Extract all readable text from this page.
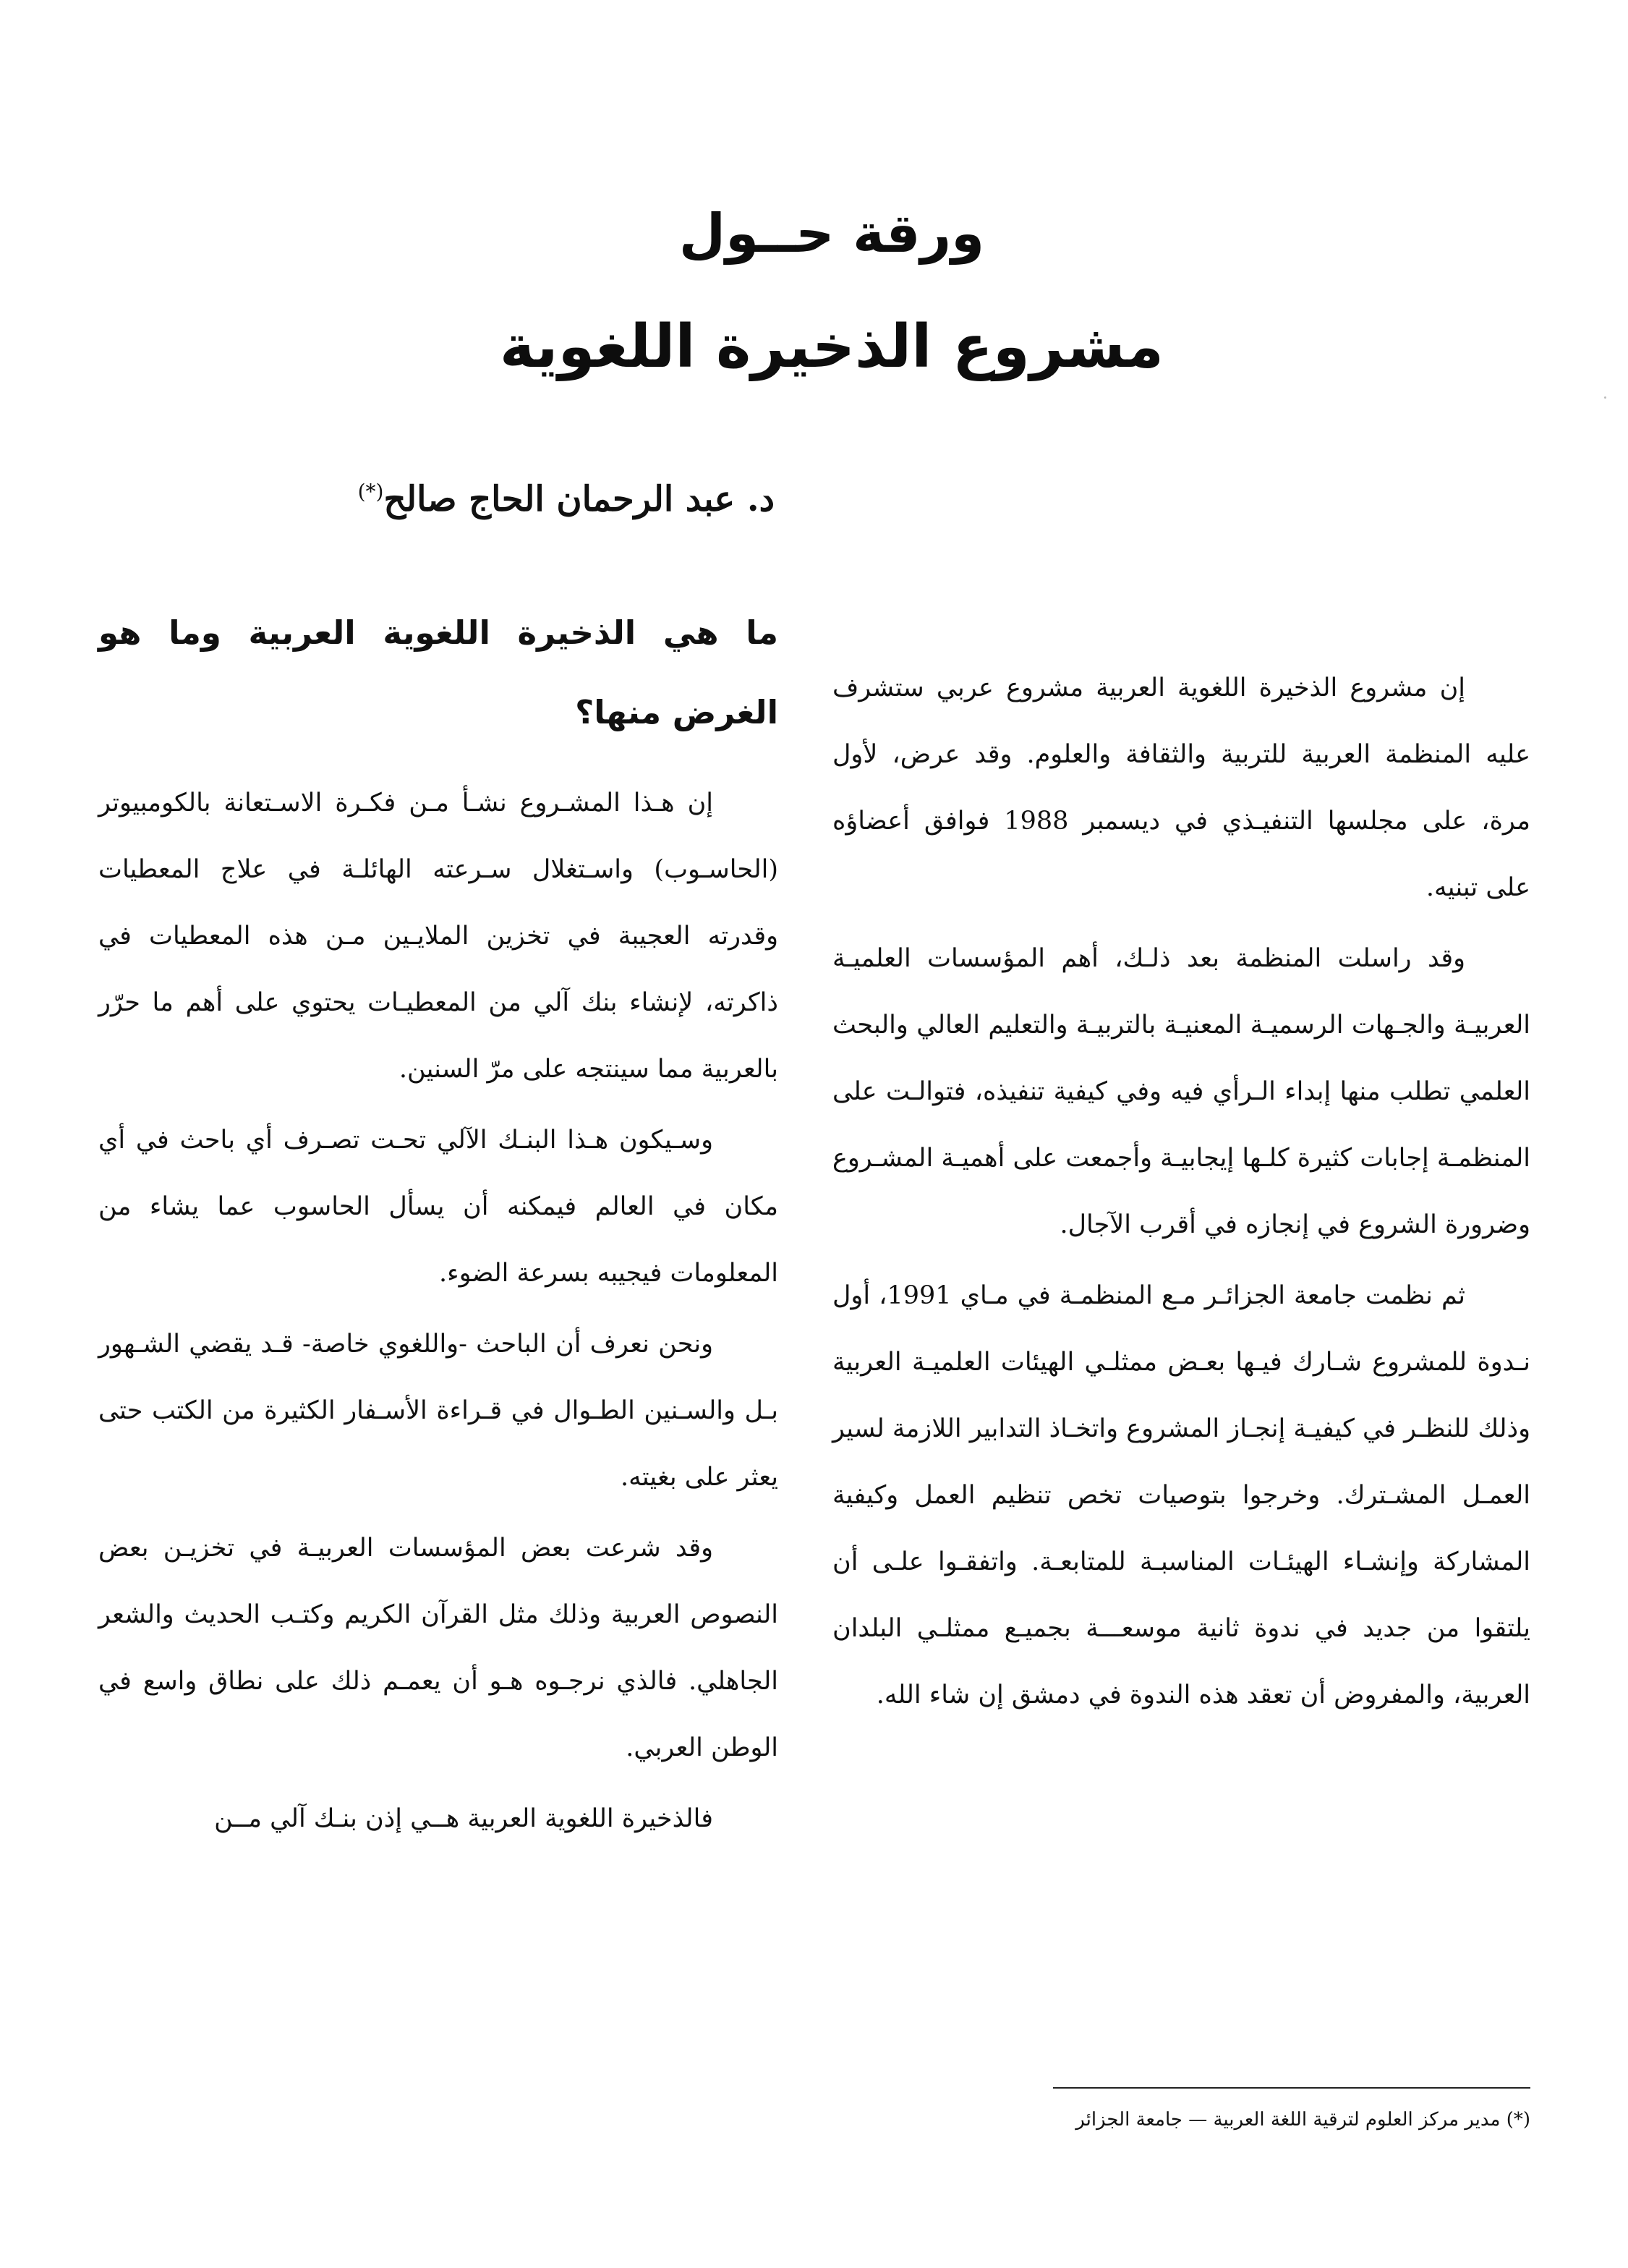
ورقة حــول
مشروع الذخيرة اللغوية
د. عبد الرحمان الحاج صالح(*)

إن مشروع الذخيرة اللغوية العربية مشروع عربي ستشرف عليه المنظمة العربية للتربية والثقافة والعلوم. وقد عرض، لأول مرة، على مجلسها التنفيـذي في ديسمبر 1988 فوافق أعضاؤه على تبنيه.

وقد راسلت المنظمة بعد ذلـك، أهم المؤسسات العلميـة العربيـة والجـهات الرسميـة المعنيـة بالتربيـة والتعليم العالي والبحث العلمي تطلب منها إبداء الـرأي فيه وفي كيفية تنفيذه، فتوالـت على المنظمـة إجابات كثيرة كلـها إيجابيـة وأجمعت على أهميـة المشـروع وضرورة الشروع في إنجازه في أقرب الآجال.

ثم نظمت جامعة الجزائـر مـع المنظمـة في مـاي 1991، أول نـدوة للمشروع شـارك فيـها بعـض ممثلـي الهيئات العلميـة العربية وذلك للنظـر في كيفيـة إنجـاز المشروع واتخـاذ التدابير اللازمة لسير العمـل المشـترك. وخرجوا بتوصيات تخص تنظيم العمل وكيفية المشاركة وإنشـاء الهيئـات المناسبـة للمتابعـة. واتفقـوا علـى أن يلتقوا من جديد في ندوة ثانية موسعـــة بجميـع ممثلـي البلدان العربية، والمفروض أن تعقد هذه الندوة في دمشق إن شاء الله.

ما هي الذخيرة اللغوية العربية وما هو الغرض منها؟

إن هـذا المشـروع نشـأ مـن فكـرة الاسـتعانة بالكومبيوتر (الحاسـوب) واسـتغلال سـرعته الهائلـة في علاج المعطيات وقدرته العجيبة في تخزين الملايـين مـن هذه المعطيات في ذاكرته، لإنشاء بنك آلي من المعطيـات يحتوي على أهم ما حرّر بالعربية مما سينتجه على مرّ السنين.

وسـيكون هـذا البنـك الآلي تحـت تصـرف أي باحث في أي مكان في العالم فيمكنه أن يسأل الحاسوب عما يشاء من المعلومات فيجيبه بسرعة الضوء.

ونحن نعرف أن الباحث -واللغوي خاصة- قـد يقضي الشـهور بـل والسـنين الطـوال في قـراءة الأسـفار الكثيرة من الكتب حتى يعثر على بغيته.

وقد شرعت بعض المؤسسات العربيـة في تخزيـن بعض النصوص العربية وذلك مثل القرآن الكريم وكتـب الحديث والشعر الجاهلي. فالذي نرجـوه هـو أن يعمـم ذلك على نطاق واسع في الوطن العربي.

فالذخيرة اللغوية العربية هــي إذن بنـك آلي مــن

(*) مدير مركز العلوم لترقية اللغة العربية — جامعة الجزائر
